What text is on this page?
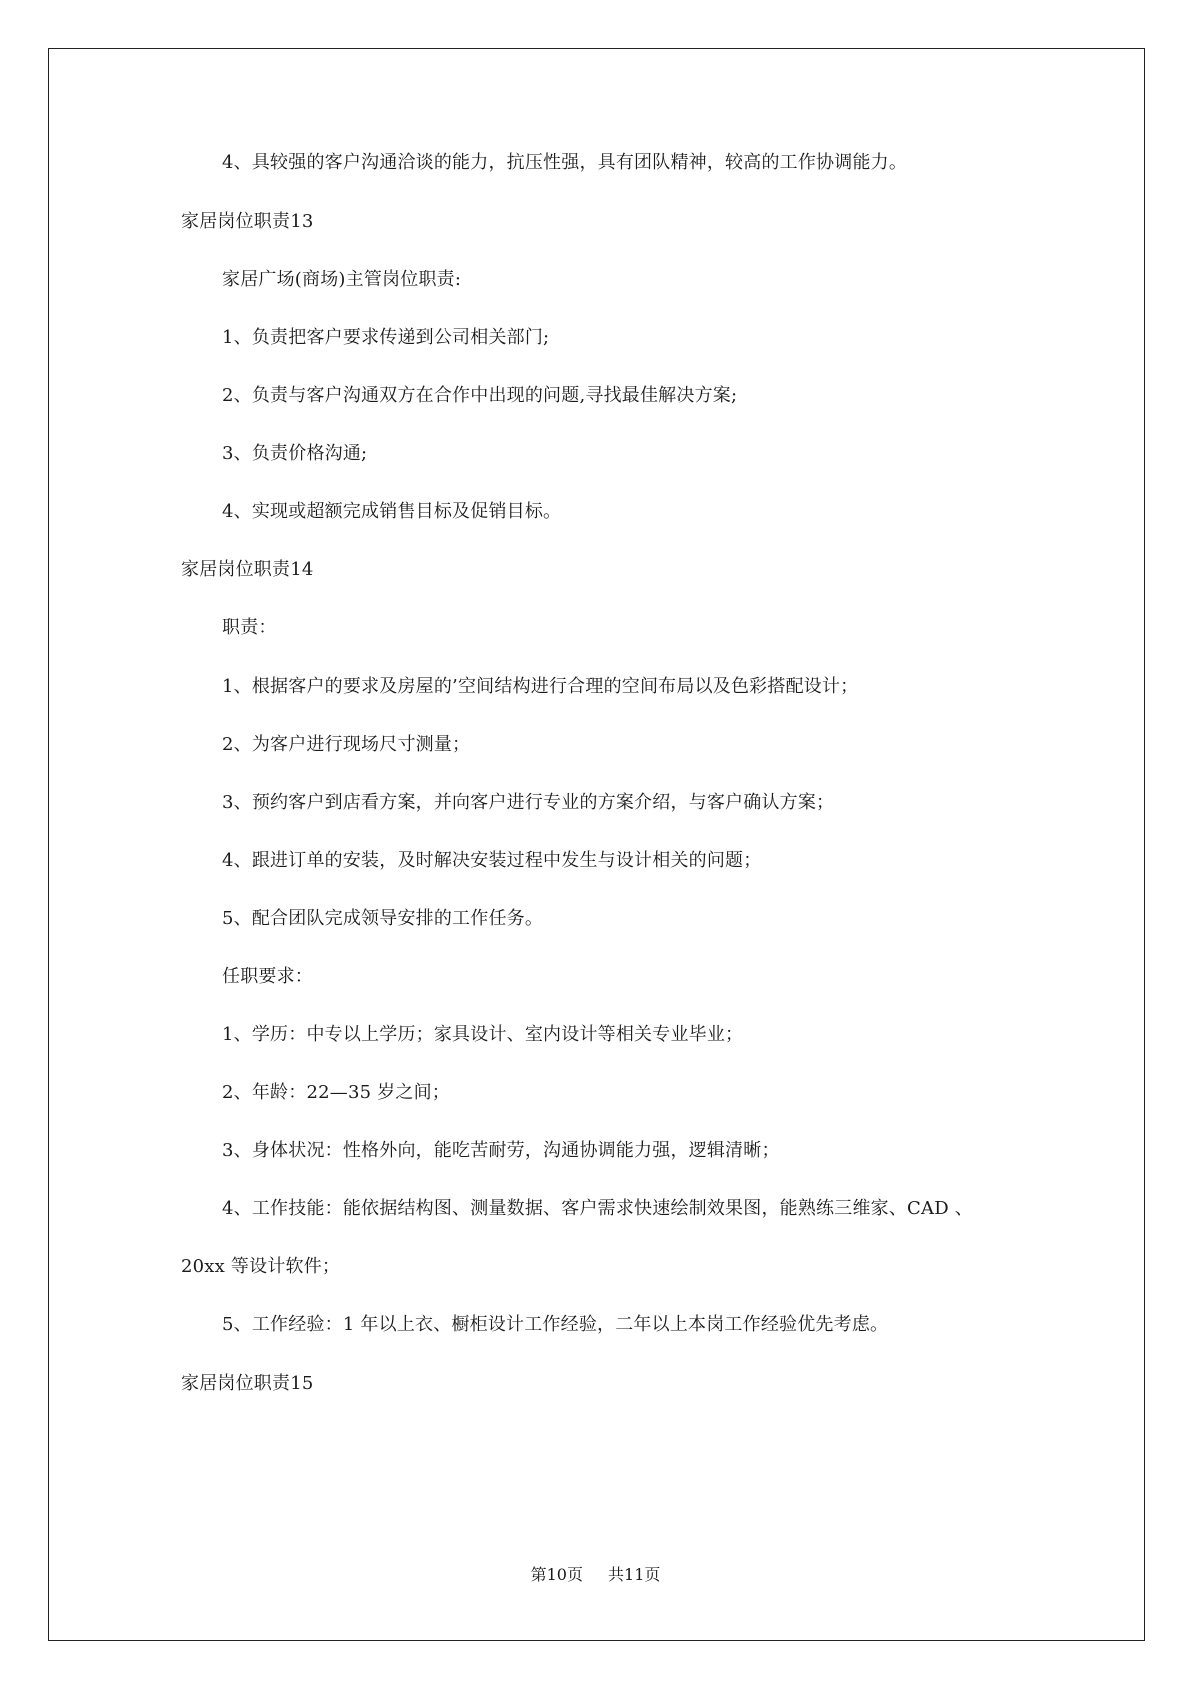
4、具较强的客户沟通洽谈的能力，抗压性强，具有团队精神，较高的工作协调能力。
家居岗位职责13
家居广场(商场)主管岗位职责:
1、负责把客户要求传递到公司相关部门;
2、负责与客户沟通双方在合作中出现的问题,寻找最佳解决方案;
3、负责价格沟通;
4、实现或超额完成销售目标及促销目标。
家居岗位职责14
职责：
1、根据客户的要求及房屋的’空间结构进行合理的空间布局以及色彩搭配设计；
2、为客户进行现场尺寸测量；
3、预约客户到店看方案，并向客户进行专业的方案介绍，与客户确认方案；
4、跟进订单的安装，及时解决安装过程中发生与设计相关的问题；
5、配合团队完成领导安排的工作任务。
任职要求：
1、学历：中专以上学历；家具设计、室内设计等相关专业毕业；
2、年龄：22—35 岁之间；
3、身体状况：性格外向，能吃苦耐劳，沟通协调能力强，逻辑清晰；
4、工作技能：能依据结构图、测量数据、客户需求快速绘制效果图，能熟练三维家、CAD 、
20xx 等设计软件；
5、工作经验：1 年以上衣、橱柜设计工作经验，二年以上本岗工作经验优先考虑。
家居岗位职责15
第10页 共11页
